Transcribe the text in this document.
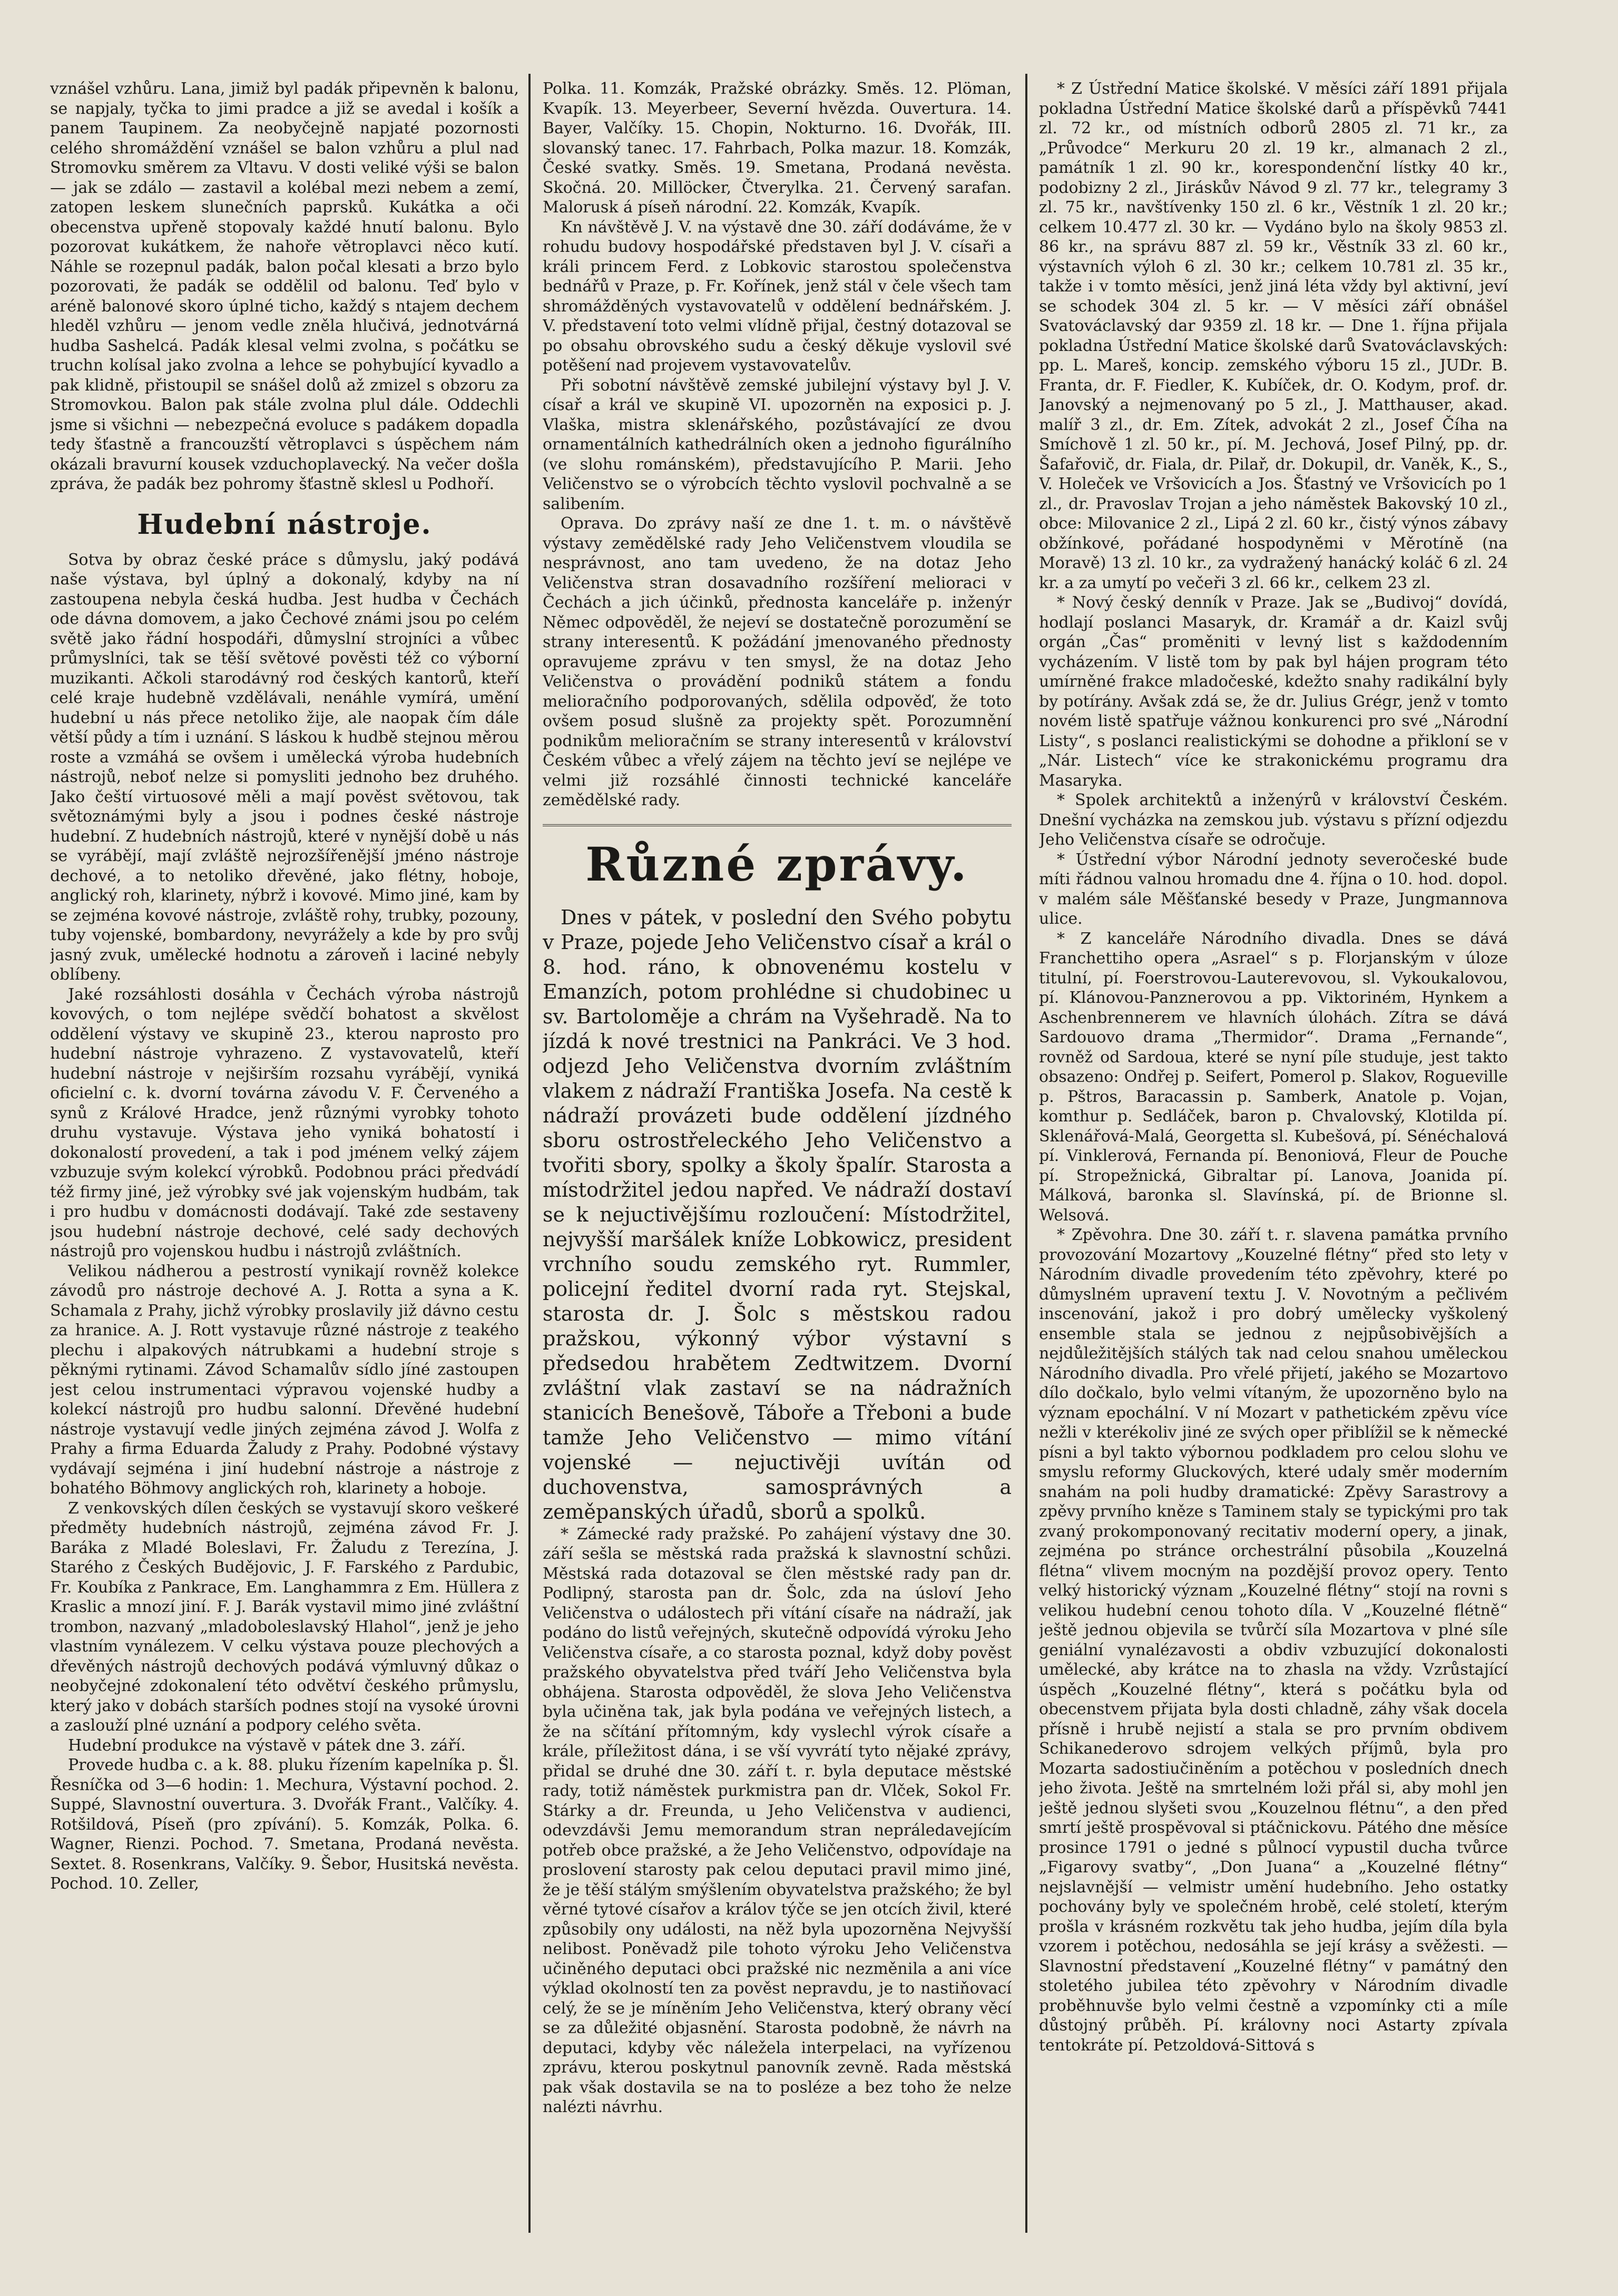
vznášel vzhůru. Lana, jimiž byl padák připevněn k balonu, se napjaly, tyčka to jimi pradce a již se avedal i košík a panem Taupinem. Za neobyčejně napjaté pozornosti celého shromáždění vznášel se balon vzhůru a plul nad Stromovku směrem za Vltavu. V dosti veliké výši se balon — jak se zdálo — zastavil a kolébal mezi nebem a zemí, zatopen leskem slunečních paprsků. Kukátka a oči obecenstva upřeně stopovaly každé hnutí balonu. Bylo pozorovat kukátkem, že nahoře větroplavci něco kutí. Náhle se rozepnul padák, balon počal klesati a brzo bylo pozorovati, že padák se oddělil od balonu. Teď bylo v aréně balonové skoro úplné ticho, každý s ntajem dechem hleděl vzhůru — jenom vedle zněla hlučivá, jednotvárná hudba Sashelcá. Padák klesal velmi zvolna, s počátku se truchn kolísal jako zvolna a lehce se pohybující kyvadlo a pak klidně, přistoupil se snášel dolů až zmizel s obzoru za Stromovkou. Balon pak stále zvolna plul dále. Oddechli jsme si všichni — nebezpečná evoluce s padákem dopadla tedy šťastně a francouzští větroplavci s úspěchem nám okázali bravurní kousek vzduchoplavecký. Na večer došla zpráva, že padák bez pohromy šťastně sklesl u Podhoří.

Hudební nástroje.

Sotva by obraz české práce s důmyslu, jaký podává naše výstava, byl úplný a dokonalý, kdyby na ní zastoupena nebyla česká hudba. Jest hudba v Čechách ode dávna domovem, a jako Čechové známi jsou po celém světě jako řádní hospodáři, důmyslní strojníci a vůbec průmyslníci, tak se těší světové pověsti též co výborní muzikanti. Ačkoli starodávný rod českých kantorů, kteří celé kraje hudebně vzdělávali, nenáhle vymírá, umění hudební u nás přece netoliko žije, ale naopak čím dále větší půdy a tím i uznání. S láskou k hudbě stejnou měrou roste a vzmáhá se ovšem i umělecká výroba hudebních nástrojů, neboť nelze si pomysliti jednoho bez druhého. Jako čeští virtuosové měli a mají pověst světovou, tak světoznámými byly a jsou i podnes české nástroje hudební. Z hudebních nástrojů, které v nynější době u nás se vyrábějí, mají zvláště nejrozšířenější jméno nástroje dechové, a to netoliko dřevěné, jako flétny, hoboje, anglický roh, klarinety, nýbrž i kovové. Mimo jiné, kam by se zejména kovové nástroje, zvláště rohy, trubky, pozouny, tuby vojenské, bombardony, nevyrážely a kde by pro svůj jasný zvuk, umělecké hodnotu a zároveň i laciné nebyly oblíbeny.

Jaké rozsáhlosti dosáhla v Čechách výroba nástrojů kovových, o tom nejlépe svědčí bohatost a skvělost oddělení výstavy ve skupině 23., kterou naprosto pro hudební nástroje vyhrazeno. Z vystavovatelů, kteří hudební nástroje v nejširším rozsahu vyrábějí, vyniká oficielní c. k. dvorní továrna závodu V. F. Červeného a synů z Králové Hradce, jenž různými vyrobky tohoto druhu vystavuje. Výstava jeho vyniká bohatostí i dokonalostí provedení, a tak i pod jménem velký zájem vzbuzuje svým kolekcí výrobků. Podobnou práci předvádí též firmy jiné, jež výrobky své jak vojenským hudbám, tak i pro hudbu v domácnosti dodávají. Také zde sestaveny jsou hudební nástroje dechové, celé sady dechových nástrojů pro vojenskou hudbu i nástrojů zvláštních.

Velikou nádherou a pestrostí vynikají rovněž kolekce závodů pro nástroje dechové A. J. Rotta a syna a K. Schamala z Prahy, jichž výrobky proslavily již dávno cestu za hranice. A. J. Rott vystavuje různé nástroje z teakého plechu i alpakových nátrubkami a hudební stroje s pěknými rytinami. Závod Schamalův sídlo jíné zastoupen jest celou instrumentaci výpravou vojenské hudby a kolekcí nástrojů pro hudbu salonní. Dřevěné hudební nástroje vystavují vedle jiných zejména závod J. Wolfa z Prahy a firma Eduarda Žaludy z Prahy. Podobné výstavy vydávají sejména i jiní hudební nástroje a nástroje z bohatého Böhmovy anglických roh, klarinety a hoboje.

Z venkovských dílen českých se vystavují skoro veškeré předměty hudebních nástrojů, zejména závod Fr. J. Baráka z Mladé Boleslavi, Fr. Žaludu z Terezína, J. Starého z Českých Budějovic, J. F. Farského z Pardubic, Fr. Koubíka z Pankrace, Em. Langhammra z Em. Hüllera z Kraslic a mnozí jiní. F. J. Barák vystavil mimo jiné zvláštní trombon, nazvaný „mladoboleslavský Hlahol“, jenž je jeho vlastním vynálezem. V celku výstava pouze plechových a dřevěných nástrojů dechových podává výmluvný důkaz o neobyčejné zdokonalení této odvětví českého průmyslu, který jako v dobách starších podnes stojí na vysoké úrovni a zaslouží plné uznání a podpory celého světa.

Hudební produkce na výstavě v pátek dne 3. září.

Provede hudba c. a k. 88. pluku řízením kapelníka p. Šl. Řesníčka od 3—6 hodin: 1. Mechura, Výstavní pochod. 2. Suppé, Slavnostní ouvertura. 3. Dvořák Frant., Valčíky. 4. Rotšildová, Píseň (pro zpívání). 5. Komzák, Polka. 6. Wagner, Rienzi. Pochod. 7. Smetana, Prodaná nevěsta. Sextet. 8. Rosenkrans, Valčíky. 9. Šebor, Husitská nevěsta. Pochod. 10. Zeller,

Polka. 11. Komzák, Pražské obrázky. Směs. 12. Plöman, Kvapík. 13. Meyerbeer, Severní hvězda. Ouvertura. 14. Bayer, Valčíky. 15. Chopin, Nokturno. 16. Dvořák, III. slovanský tanec. 17. Fahrbach, Polka mazur. 18. Komzák, České svatky. Směs. 19. Smetana, Prodaná nevěsta. Skočná. 20. Millöcker, Čtverylka. 21. Červený sarafan. Malorusk á píseň národní. 22. Komzák, Kvapík.

Kn návštěvě J. V. na výstavě dne 30. září dodáváme, že v rohudu budovy hospodářské představen byl J. V. císaři a králi princem Ferd. z Lobkovic starostou společenstva bednářů v Praze, p. Fr. Kořínek, jenž stál v čele všech tam shromážděných vystavovatelů v oddělení bednářském. J. V. představení toto velmi vlídně přijal, čestný dotazoval se po obsahu obrovského sudu a český děkuje vyslovil své potěšení nad projevem vystavovatelův.

Při sobotní návštěvě zemské jubilejní výstavy byl J. V. císař a král ve skupině VI. upozorněn na exposici p. J. Vlaška, mistra sklenářského, pozůstávající ze dvou ornamentálních kathedrálních oken a jednoho figurálního (ve slohu románském), představujícího P. Marii. Jeho Veličenstvo se o výrobcích těchto vyslovil pochvalně a se salibením.

Oprava. Do zprávy naší ze dne 1. t. m. o návštěvě výstavy zemědělské rady Jeho Veličenstvem vloudila se nesprávnost, ano tam uvedeno, že na dotaz Jeho Veličenstva stran dosavadního rozšíření melioraci v Čechách a jich účinků, přednosta kanceláře p. inženýr Němec odpověděl, že nejeví se dostatečně porozumění se strany interesentů. K požádání jmenovaného přednosty opravujeme zprávu v ten smysl, že na dotaz Jeho Veličenstva o provádění podniků státem a fondu melioračního podporovaných, sdělila odpověď, že toto ovšem posud slušně za projekty spět. Porozumnění podnikům melioračním se strany interesentů v království Českém vůbec a vřelý zájem na těchto jeví se nejlépe ve velmi již rozsáhlé činnosti technické kanceláře zemědělské rady.

Různé zprávy.

Dnes v pátek, v poslední den Svého pobytu v Praze, pojede Jeho Veličenstvo císař a král o 8. hod. ráno, k obnovenému kostelu v Emanzích, potom prohlédne si chudobinec u sv. Bartoloměje a chrám na Vyšehradě. Na to jízdá k nové trestnici na Pankráci. Ve 3 hod. odjezd Jeho Veličenstva dvorním zvláštním vlakem z nádraží Františka Josefa. Na cestě k nádraží provázeti bude oddělení jízdného sboru ostrostřeleckého Jeho Veličenstvo a tvořiti sbory, spolky a školy špalír. Starosta a místodržitel jedou napřed. Ve nádraží dostaví se k nejuctivějšímu rozloučení: Místodržitel, nejvyšší maršálek kníže Lobkowicz, president vrchního soudu zemského ryt. Rummler, policejní ředitel dvorní rada ryt. Stejskal, starosta dr. J. Šolc s městskou radou pražskou, výkonný výbor výstavní s předsedou hrabětem Zedtwitzem. Dvorní zvláštní vlak zastaví se na nádražních stanicích Benešově, Táboře a Třeboni a bude tamže Jeho Veličenstvo — mimo vítání vojenské — nejuctivěji uvítán od duchovenstva, samosprávných a zeměpanských úřadů, sborů a spolků.

* Zámecké rady pražské. Po zahájení výstavy dne 30. září sešla se městská rada pražská k slavnostní schůzi. Městská rada dotazoval se člen městské rady pan dr. Podlipný, starosta pan dr. Šolc, zda na úsloví Jeho Veličenstva o událostech při vítání císaře na nádraží, jak podáno do listů veřejných, skutečně odpovídá výroku Jeho Veličenstva císaře, a co starosta poznal, když doby pověst pražského obyvatelstva před tváří Jeho Veličenstva byla obhájena. Starosta odpověděl, že slova Jeho Veličenstva byla učiněna tak, jak byla podána ve veřejných listech, a že na sčítání přítomným, kdy vyslechl výrok císaře a krále, příležitost dána, i se vší vyvrátí tyto nějaké zprávy, přidal se druhé dne 30. září t. r. byla deputace městské rady, totiž náměstek purkmistra pan dr. Vlček, Sokol Fr. Stárky a dr. Freunda, u Jeho Veličenstva v audienci, odevzdávši Jemu memorandum stran nepráledavejícím potřeb obce pražské, a že Jeho Veličenstvo, odpovídaje na proslovení starosty pak celou deputaci pravil mimo jiné, že je těší stálým smýšlením obyvatelstva pražského; že byl věrné tytové císařov a králov týče se jen otcích živil, které způsobily ony události, na něž byla upozorněna Nejvyšší nelibost. Poněvadž pile tohoto výroku Jeho Veličenstva učiněného deputaci obci pražské nic nezměnila a ani více výklad okolností ten za pověst nepravdu, je to nastiňovací celý, že se je míněním Jeho Veličenstva, který obrany věcí se za důležité objasnění. Starosta podobně, že návrh na deputaci, kdyby věc náležela interpelaci, na vyřízenou zprávu, kterou poskytnul panovník zevně. Rada městská pak však dostavila se na to posléze a bez toho že nelze nalézti návrhu.

* Z Ústřední Matice školské. V měsíci září 1891 přijala pokladna Ústřední Matice školské darů a příspěvků 7441 zl. 72 kr., od místních odborů 2805 zl. 71 kr., za „Průvodce“ Merkuru 20 zl. 19 kr., almanach 2 zl., památník 1 zl. 90 kr., korespondenční lístky 40 kr., podobizny 2 zl., Jiráskův Návod 9 zl. 77 kr., telegramy 3 zl. 75 kr., navštívenky 150 zl. 6 kr., Věstník 1 zl. 20 kr.; celkem 10.477 zl. 30 kr. — Vydáno bylo na školy 9853 zl. 86 kr., na správu 887 zl. 59 kr., Věstník 33 zl. 60 kr., výstavních výloh 6 zl. 30 kr.; celkem 10.781 zl. 35 kr., takže i v tomto měsíci, jenž jiná léta vždy byl aktivní, jeví se schodek 304 zl. 5 kr. — V měsíci září obnášel Svatováclavský dar 9359 zl. 18 kr. — Dne 1. října přijala pokladna Ústřední Matice školské darů Svatováclavských: pp. L. Mareš, koncip. zemského výboru 15 zl., JUDr. B. Franta, dr. F. Fiedler, K. Kubíček, dr. O. Kodym, prof. dr. Janovský a nejmenovaný po 5 zl., J. Matthauser, akad. malíř 3 zl., dr. Em. Zítek, advokát 2 zl., Josef Číha na Smíchově 1 zl. 50 kr., pí. M. Jechová, Josef Pilný, pp. dr. Šafařovič, dr. Fiala, dr. Pilař, dr. Dokupil, dr. Vaněk, K., S., V. Holeček ve Vršovicích a Jos. Šťastný ve Vršovicích po 1 zl., dr. Pravoslav Trojan a jeho náměstek Bakovský 10 zl., obce: Milovanice 2 zl., Lipá 2 zl. 60 kr., čistý výnos zábavy obžínkové, pořádané hospodyněmi v Měrotíně (na Moravě) 13 zl. 10 kr., za vydražený hanácký koláč 6 zl. 24 kr. a za umytí po večeři 3 zl. 66 kr., celkem 23 zl.

* Nový český denník v Praze. Jak se „Budivoj“ dovídá, hodlají poslanci Masaryk, dr. Kramář a dr. Kaizl svůj orgán „Čas“ proměniti v levný list s každodenním vycházením. V listě tom by pak byl hájen program této umírněné frakce mladočeské, kdežto snahy radikální byly by potírány. Avšak zdá se, že dr. Julius Grégr, jenž v tomto novém listě spatřuje vážnou konkurenci pro své „Národní Listy“, s poslanci realistickými se dohodne a přikloní se v „Nár. Listech“ více ke strakonickému programu dra Masaryka.

* Spolek architektů a inženýrů v království Českém. Dnešní vycházka na zemskou jub. výstavu s přízní odjezdu Jeho Veličenstva císaře se odročuje.

* Ústřední výbor Národní jednoty severočeské bude míti řádnou valnou hromadu dne 4. října o 10. hod. dopol. v malém sále Měšťanské besedy v Praze, Jungmannova ulice.

* Z kanceláře Národního divadla. Dnes se dává Franchettiho opera „Asrael“ s p. Florjanským v úloze titulní, pí. Foerstrovou-Lauterevovou, sl. Vykoukalovou, pí. Klánovou-Panznerovou a pp. Viktoriném, Hynkem a Aschenbrennerem ve hlavních úlohách. Zítra se dává Sardouovo drama „Thermidor“. Drama „Fernande“, rovněž od Sardoua, které se nyní píle studuje, jest takto obsazeno: Ondřej p. Seifert, Pomerol p. Slakov, Rogueville p. Pštros, Baracassin p. Samberk, Anatole p. Vojan, komthur p. Sedláček, baron p. Chvalovský, Klotilda pí. Sklenářová-Malá, Georgetta sl. Kubešová, pí. Sénéchalová pí. Vinklerová, Fernanda pí. Benoniová, Fleur de Pouche pí. Stropežnická, Gibraltar pí. Lanova, Joanida pí. Málková, baronka sl. Slavínská, pí. de Brionne sl. Welsová.

* Zpěvohra. Dne 30. září t. r. slavena památka prvního provozování Mozartovy „Kouzelné flétny“ před sto lety v Národním divadle provedením této zpěvohry, které po důmyslném upravení textu J. V. Novotným a pečlivém inscenování, jakož i pro dobrý umělecky vyškolený ensemble stala se jednou z nejpůsobivějších a nejdůležitějších stálých tak nad celou snahou uměleckou Národního divadla. Pro vřelé přijetí, jakého se Mozartovo dílo dočkalo, bylo velmi vítaným, že upozorněno bylo na význam epochální. V ní Mozart v pathetickém zpěvu více nežli v kterékoliv jiné ze svých oper přiblížil se k německé písni a byl takto výbornou podkladem pro celou slohu ve smyslu reformy Gluckových, které udaly směr moderním snahám na poli hudby dramatické: Zpěvy Sarastrovy a zpěvy prvního kněze s Taminem staly se typickými pro tak zvaný prokomponovaný recitativ moderní opery, a jinak, zejména po stránce orchestrální působila „Kouzelná flétna“ vlivem mocným na pozdější provoz opery. Tento velký historický význam „Kouzelné flétny“ stojí na rovni s velikou hudební cenou tohoto díla. V „Kouzelné flétně“ ještě jednou objevila se tvůrčí síla Mozartova v plné síle geniální vynalézavosti a obdiv vzbuzující dokonalosti umělecké, aby krátce na to zhasla na vždy. Vzrůstající úspěch „Kouzelné flétny“, která s počátku byla od obecenstvem přijata byla dosti chladně, záhy však docela přísně i hrubě nejistí a stala se pro prvním obdivem Schikanederovo sdrojem velkých příjmů, byla pro Mozarta sadostiučiněním a potěchou v posledních dnech jeho života. Ještě na smrtelném loži přál si, aby mohl jen ještě jednou slyšeti svou „Kouzelnou flétnu“, a den před smrtí ještě prospěvoval si ptáčnickovu. Pátého dne měsíce prosince 1791 o jedné s půlnocí vypustil ducha tvůrce „Figarovy svatby“, „Don Juana“ a „Kouzelné flétny“ nejslavnější — velmistr umění hudebního. Jeho ostatky pochovány byly ve společném hrobě, celé století, kterým prošla v krásném rozkvětu tak jeho hudba, jejím díla byla vzorem i potěchou, nedosáhla se její krásy a svěžesti. — Slavnostní představení „Kouzelné flétny“ v památný den stoletého jubilea této zpěvohry v Národním divadle proběhnuvše bylo velmi čestně a vzpomínky cti a míle důstojný průběh. Pí. královny noci Astarty zpívala tentokráte pí. Petzoldová-Sittová s
